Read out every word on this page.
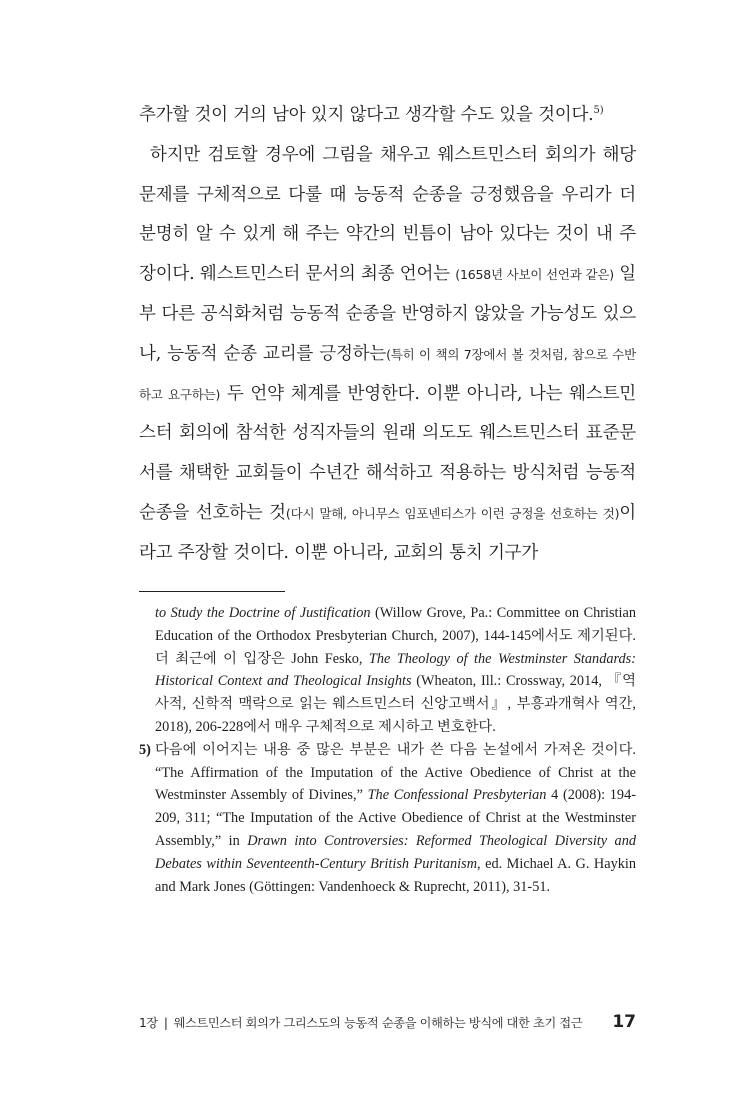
추가할 것이 거의 남아 있지 않다고 생각할 수도 있을 것이다.$^{5)}$

하지만 검토할 경우에 그림을 채우고 웨스트민스터 회의가 해당 문제를 구체적으로 다룰 때 능동적 순종을 긍정했음을 우리가 더 분명히 알 수 있게 해 주는 약간의 빈틈이 남아 있다는 것이 내 주장이다. 웨스트민스터 문서의 최종 언어는 (1658년 사보이 선언과 같은) 일부 다른 공식화처럼 능동적 순종을 반영하지 않았을 가능성도 있으나, 능동적 순종 교리를 긍정하는(특히 이 책의 7장에서 볼 것처럼, 참으로 수반하고 요구하는) 두 언약 체계를 반영한다. 이뿐 아니라, 나는 웨스트민스터 회의에 참석한 성직자들의 원래 의도도 웨스트민스터 표준문서를 채택한 교회들이 수년간 해석하고 적용하는 방식처럼 능동적 순종을 선호하는 것(다시 말해, 아니무스 임포넨티스가 이런 긍정을 선호하는 것)이라고 주장할 것이다. 이뿐 아니라, 교회의 통치 기구가

to Study the Doctrine of Justification (Willow Grove, Pa.: Committee on Christian Education of the Orthodox Presbyterian Church, 2007), 144-145에서도 제기된다. 더 최근에 이 입장은 John Fesko, The Theology of the Westminster Standards: Historical Context and Theological Insights (Wheaton, Ill.: Crossway, 2014, 『역사적, 신학적 맥락으로 읽는 웨스트민스터 신앙고백서』, 부흥과개혁사 역간, 2018), 206-228에서 매우 구체적으로 제시하고 변호한다.

5) 다음에 이어지는 내용 중 많은 부분은 내가 쓴 다음 논설에서 가져온 것이다. “The Affirmation of the Imputation of the Active Obedience of Christ at the Westminster Assembly of Divines,” The Confessional Presbyterian 4 (2008): 194-209, 311; “The Imputation of the Active Obedience of Christ at the Westminster Assembly,” in Drawn into Controversies: Reformed Theological Diversity and Debates within Seventeenth-Century British Puritanism, ed. Michael A. G. Haykin and Mark Jones (Göttingen: Vandenhoeck & Ruprecht, 2011), 31-51.

1장 | 웨스트민스터 회의가 그리스도의 능동적 순종을 이해하는 방식에 대한 초기 접근 17
